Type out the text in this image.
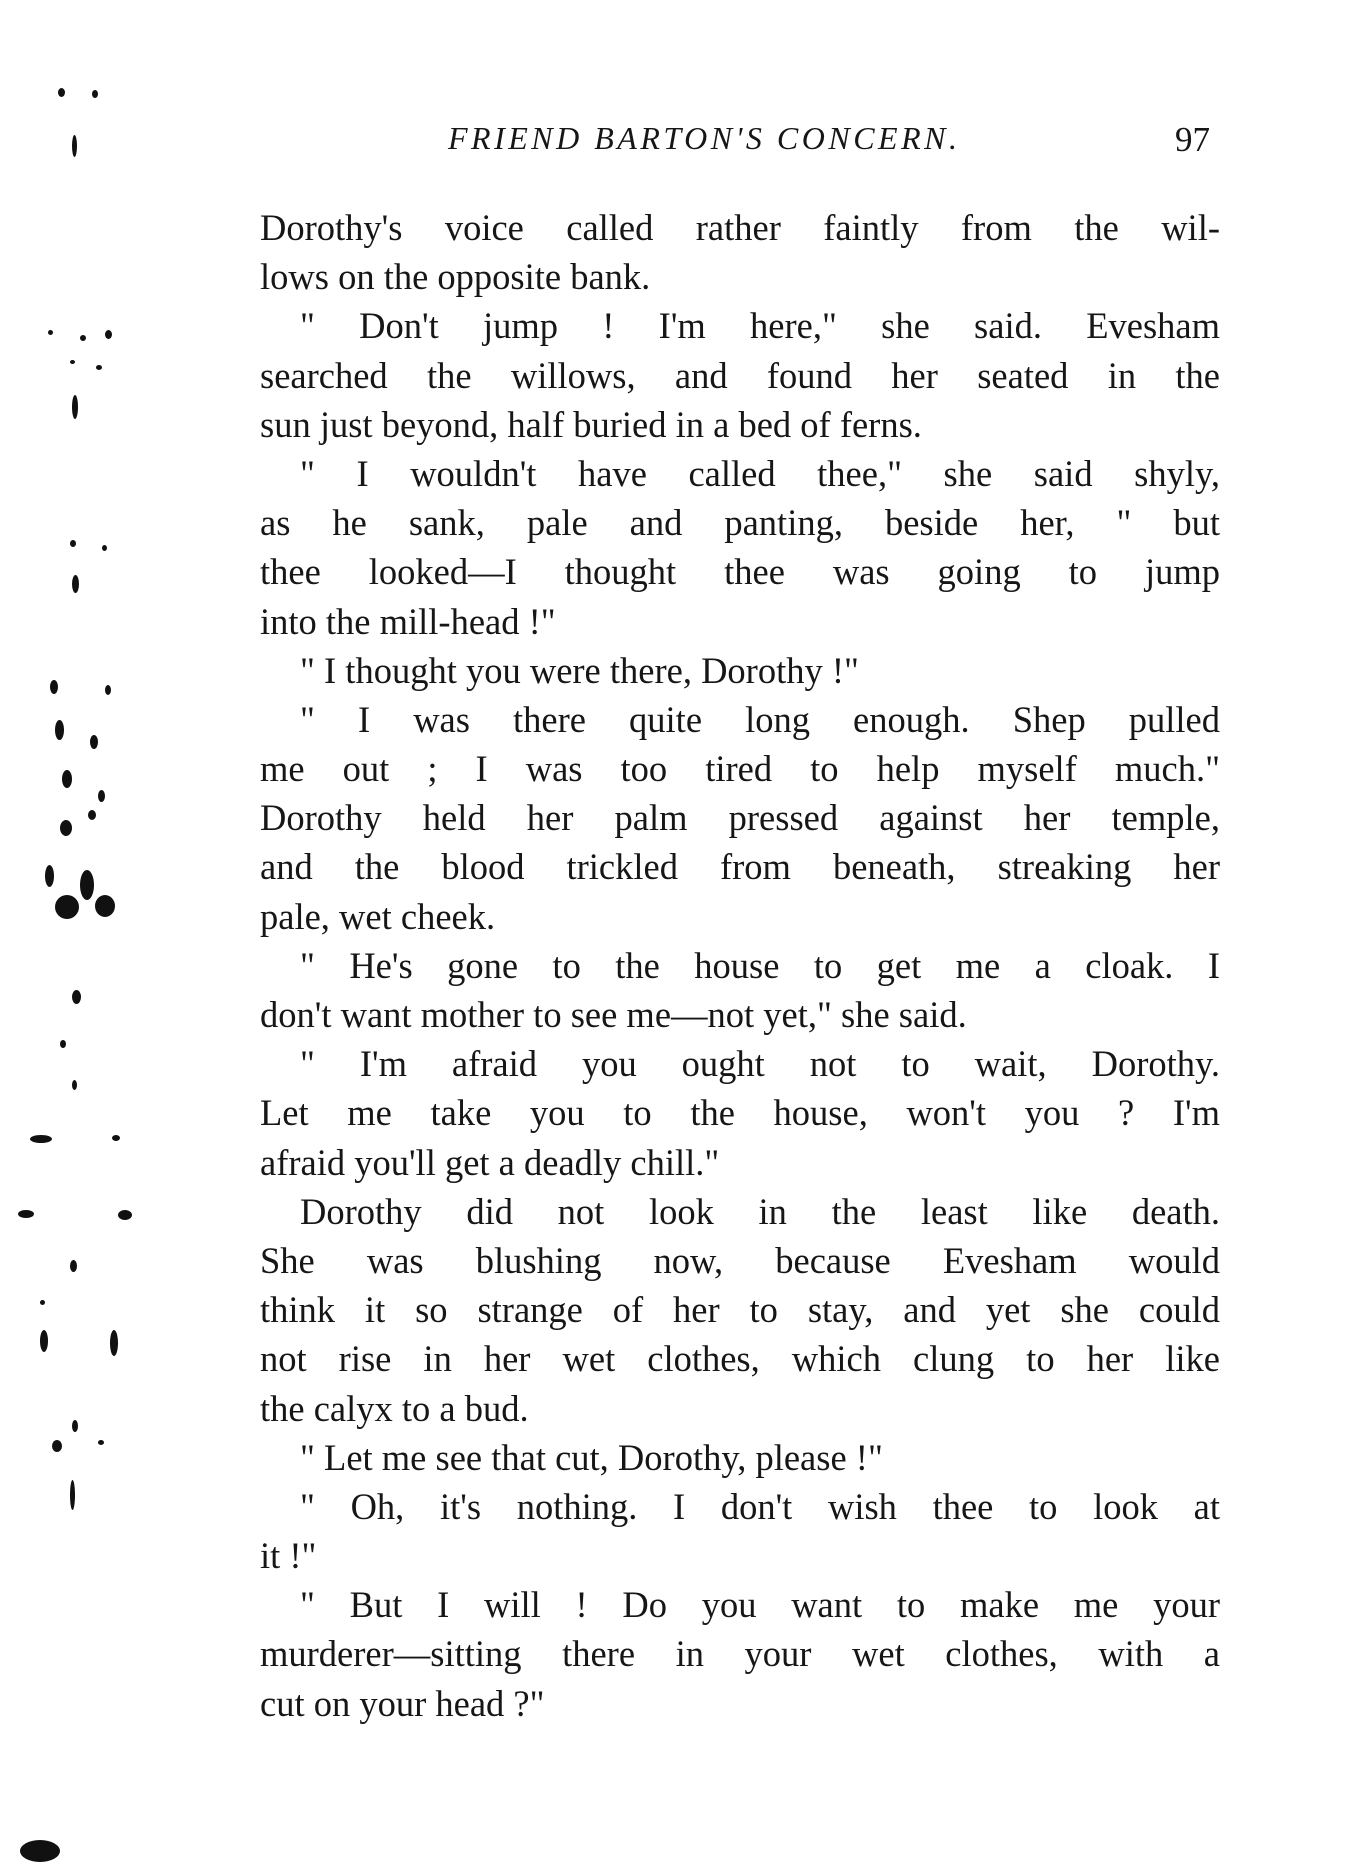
FRIEND BARTON'S CONCERN.	97
Dorothy's voice called rather faintly from the wil-
lows on the opposite bank.
" Don't jump ! I'm here," she said. Evesham
searched the willows, and found her seated in the
sun just beyond, half buried in a bed of ferns.
" I wouldn't have called thee," she said shyly,
as he sank, pale and panting, beside her, " but
thee looked—I thought thee was going to jump
into the mill-head !"
" I thought you were there, Dorothy !"
" I was there quite long enough. Shep pulled
me out ; I was too tired to help myself much."
Dorothy held her palm pressed against her temple,
and the blood trickled from beneath, streaking her
pale, wet cheek.
" He's gone to the house to get me a cloak. I
don't want mother to see me—not yet," she said.
" I'm afraid you ought not to wait, Dorothy.
Let me take you to the house, won't you ? I'm
afraid you'll get a deadly chill."
Dorothy did not look in the least like death.
She was blushing now, because Evesham would
think it so strange of her to stay, and yet she could
not rise in her wet clothes, which clung to her like
the calyx to a bud.
" Let me see that cut, Dorothy, please !"
" Oh, it's nothing. I don't wish thee to look at
it !"
" But I will ! Do you want to make me your
murderer—sitting there in your wet clothes, with a
cut on your head ?"
